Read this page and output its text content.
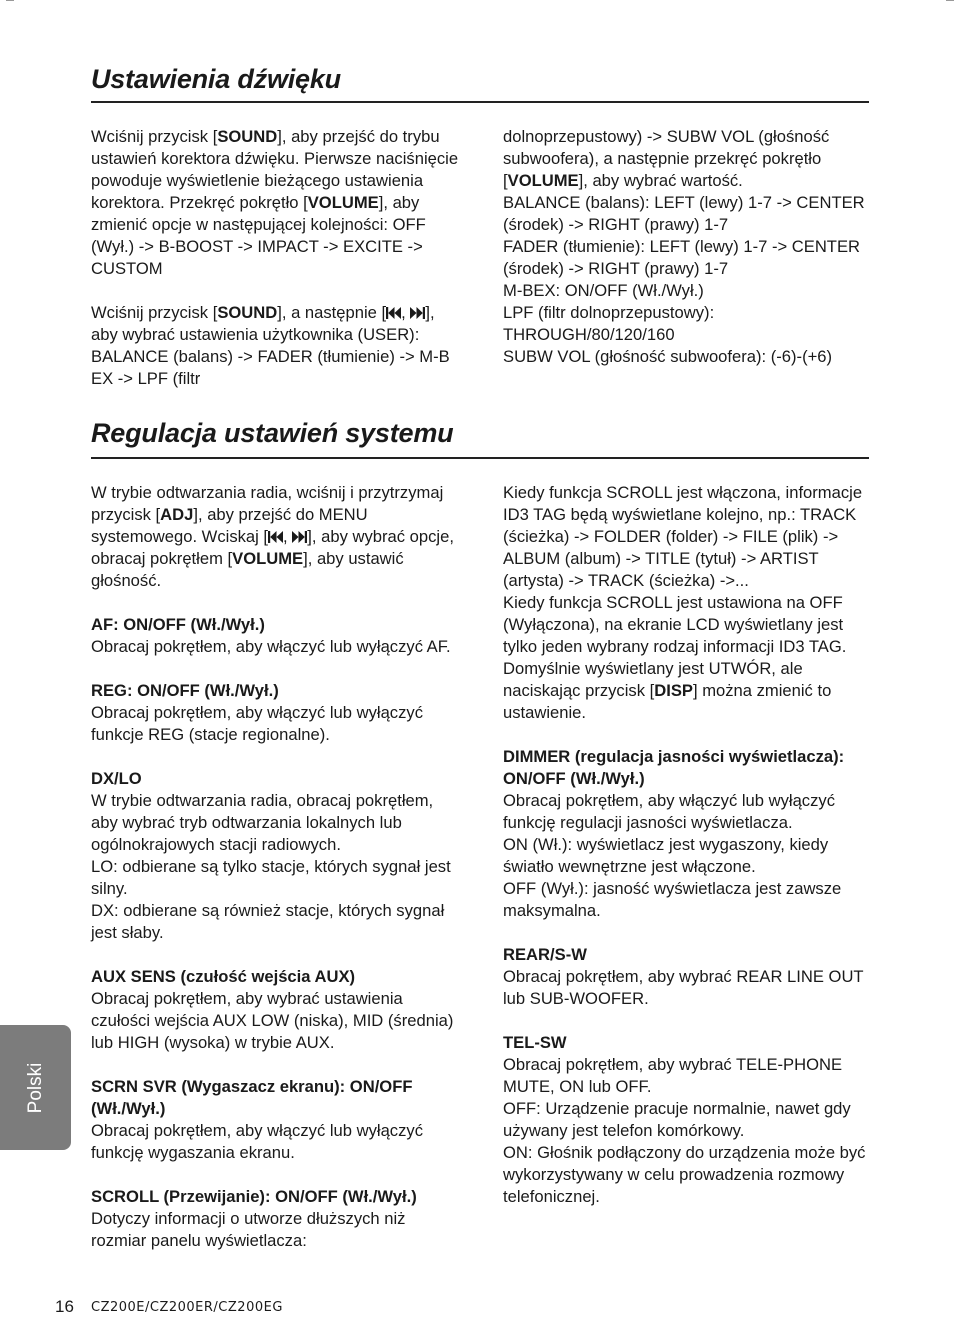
Ustawienia dźwięku

Wciśnij przycisk [SOUND], aby przejść do trybu ustawień korektora dźwięku. Pierwsze naciśnięcie powoduje wyświetlenie bieżącego ustawienia korektora. Przekręć pokrętło [VOLUME], aby zmienić opcje w następującej kolejności: OFF (Wył.) -> B-BOOST -> IMPACT -> EXCITE -> CUSTOM

Wciśnij przycisk [SOUND], a następnie [ , ], aby wybrać ustawienia użytkownika (USER): BALANCE (balans) -> FADER (tłumienie) -> M-B EX -> LPF (filtr

dolnoprzepustowy) -> SUBW VOL (głośność subwoofera), a następnie przekręć pokrętło [VOLUME], aby wybrać wartość.

BALANCE (balans): LEFT (lewy) 1-7 -> CENTER (środek) -> RIGHT (prawy) 1-7

FADER (tłumienie): LEFT (lewy) 1-7 -> CENTER (środek) -> RIGHT (prawy) 1-7

M-BEX: ON/OFF (Wł./Wył.)

LPF (filtr dolnoprzepustowy): THROUGH/80/120/160

SUBW VOL (głośność subwoofera): (-6)-(+6)

Regulacja ustawień systemu

W trybie odtwarzania radia, wciśnij i przytrzymaj przycisk [ADJ], aby przejść do MENU systemowego. Wciskaj [ , ], aby wybrać opcje, obracaj pokrętłem [VOLUME], aby ustawić głośność.

AF: ON/OFF (Wł./Wył.)

Obracaj pokrętłem, aby włączyć lub wyłączyć AF.

REG: ON/OFF (Wł./Wył.)

Obracaj pokrętłem, aby włączyć lub wyłączyć funkcje REG (stacje regionalne).

DX/LO

W trybie odtwarzania radia, obracaj pokrętłem, aby wybrać tryb odtwarzania lokalnych lub ogólnokrajowych stacji radiowych.

LO: odbierane są tylko stacje, których sygnał jest silny.

DX: odbierane są również stacje, których sygnał jest słaby.

AUX SENS (czułość wejścia AUX)

Obracaj pokrętłem, aby wybrać ustawienia czułości wejścia AUX LOW (niska), MID (średnia) lub HIGH (wysoka) w trybie AUX.

SCRN SVR (Wygaszacz ekranu): ON/OFF (Wł./Wył.)

Obracaj pokrętłem, aby włączyć lub wyłączyć funkcję wygaszania ekranu.

SCROLL (Przewijanie): ON/OFF (Wł./Wył.)

Dotyczy informacji o utworze dłuższych niż rozmiar panelu wyświetlacza:

Kiedy funkcja SCROLL jest włączona, informacje ID3 TAG będą wyświetlane kolejno, np.: TRACK (ścieżka) -> FOLDER (folder) -> FILE (plik) -> ALBUM (album) -> TITLE (tytuł) -> ARTIST (artysta) -> TRACK (ścieżka) ->...

Kiedy funkcja SCROLL jest ustawiona na OFF (Wyłączona), na ekranie LCD wyświetlany jest tylko jeden wybrany rodzaj informacji ID3 TAG. Domyślnie wyświetlany jest UTWÓR, ale naciskając przycisk [DISP] można zmienić to ustawienie.

DIMMER (regulacja jasności wyświetlacza): ON/OFF (Wł./Wył.)

Obracaj pokrętłem, aby włączyć lub wyłączyć funkcję regulacji jasności wyświetlacza.

ON (Wł.): wyświetlacz jest wygaszony, kiedy światło wewnętrzne jest włączone.

OFF (Wył.): jasność wyświetlacza jest zawsze maksymalna.

REAR/S-W

Obracaj pokrętłem, aby wybrać REAR LINE OUT lub SUB-WOOFER.

TEL-SW

Obracaj pokrętłem, aby wybrać TELE-PHONE MUTE, ON lub OFF.

OFF: Urządzenie pracuje normalnie, nawet gdy używany jest telefon komórkowy.

ON: Głośnik podłączony do urządzenia może być wykorzystywany w celu prowadzenia rozmowy telefonicznej.

Polski
16 CZ200E/CZ200ER/CZ200EG
